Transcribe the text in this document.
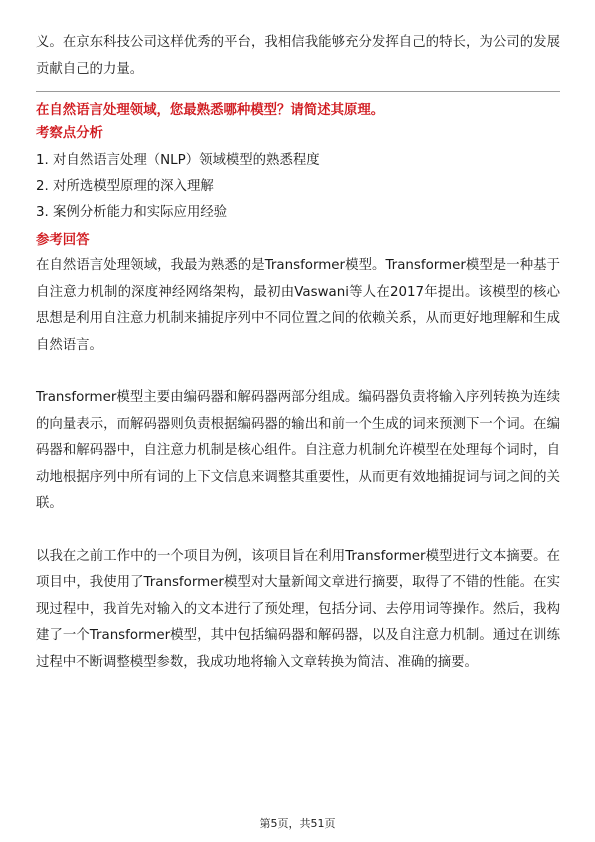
义。在京东科技公司这样优秀的平台，我相信我能够充分发挥自己的特长，为公司的发展贡献自己的力量。

在自然语言处理领域，您最熟悉哪种模型？请简述其原理。
考察点分析
1. 对自然语言处理（NLP）领域模型的熟悉程度
2. 对所选模型原理的深入理解
3. 案例分析能力和实际应用经验
参考回答

在自然语言处理领域，我最为熟悉的是Transformer模型。Transformer模型是一种基于自注意力机制的深度神经网络架构，最初由Vaswani等人在2017年提出。该模型的核心思想是利用自注意力机制来捕捉序列中不同位置之间的依赖关系，从而更好地理解和生成自然语言。

Transformer模型主要由编码器和解码器两部分组成。编码器负责将输入序列转换为连续的向量表示，而解码器则负责根据编码器的输出和前一个生成的词来预测下一个词。在编码器和解码器中，自注意力机制是核心组件。自注意力机制允许模型在处理每个词时，自动地根据序列中所有词的上下文信息来调整其重要性，从而更有效地捕捉词与词之间的关联。

以我在之前工作中的一个项目为例，该项目旨在利用Transformer模型进行文本摘要。在项目中，我使用了Transformer模型对大量新闻文章进行摘要，取得了不错的性能。在实现过程中，我首先对输入的文本进行了预处理，包括分词、去停用词等操作。然后，我构建了一个Transformer模型，其中包括编码器和解码器，以及自注意力机制。通过在训练过程中不断调整模型参数，我成功地将输入文章转换为简洁、准确的摘要。

第5页，共51页
